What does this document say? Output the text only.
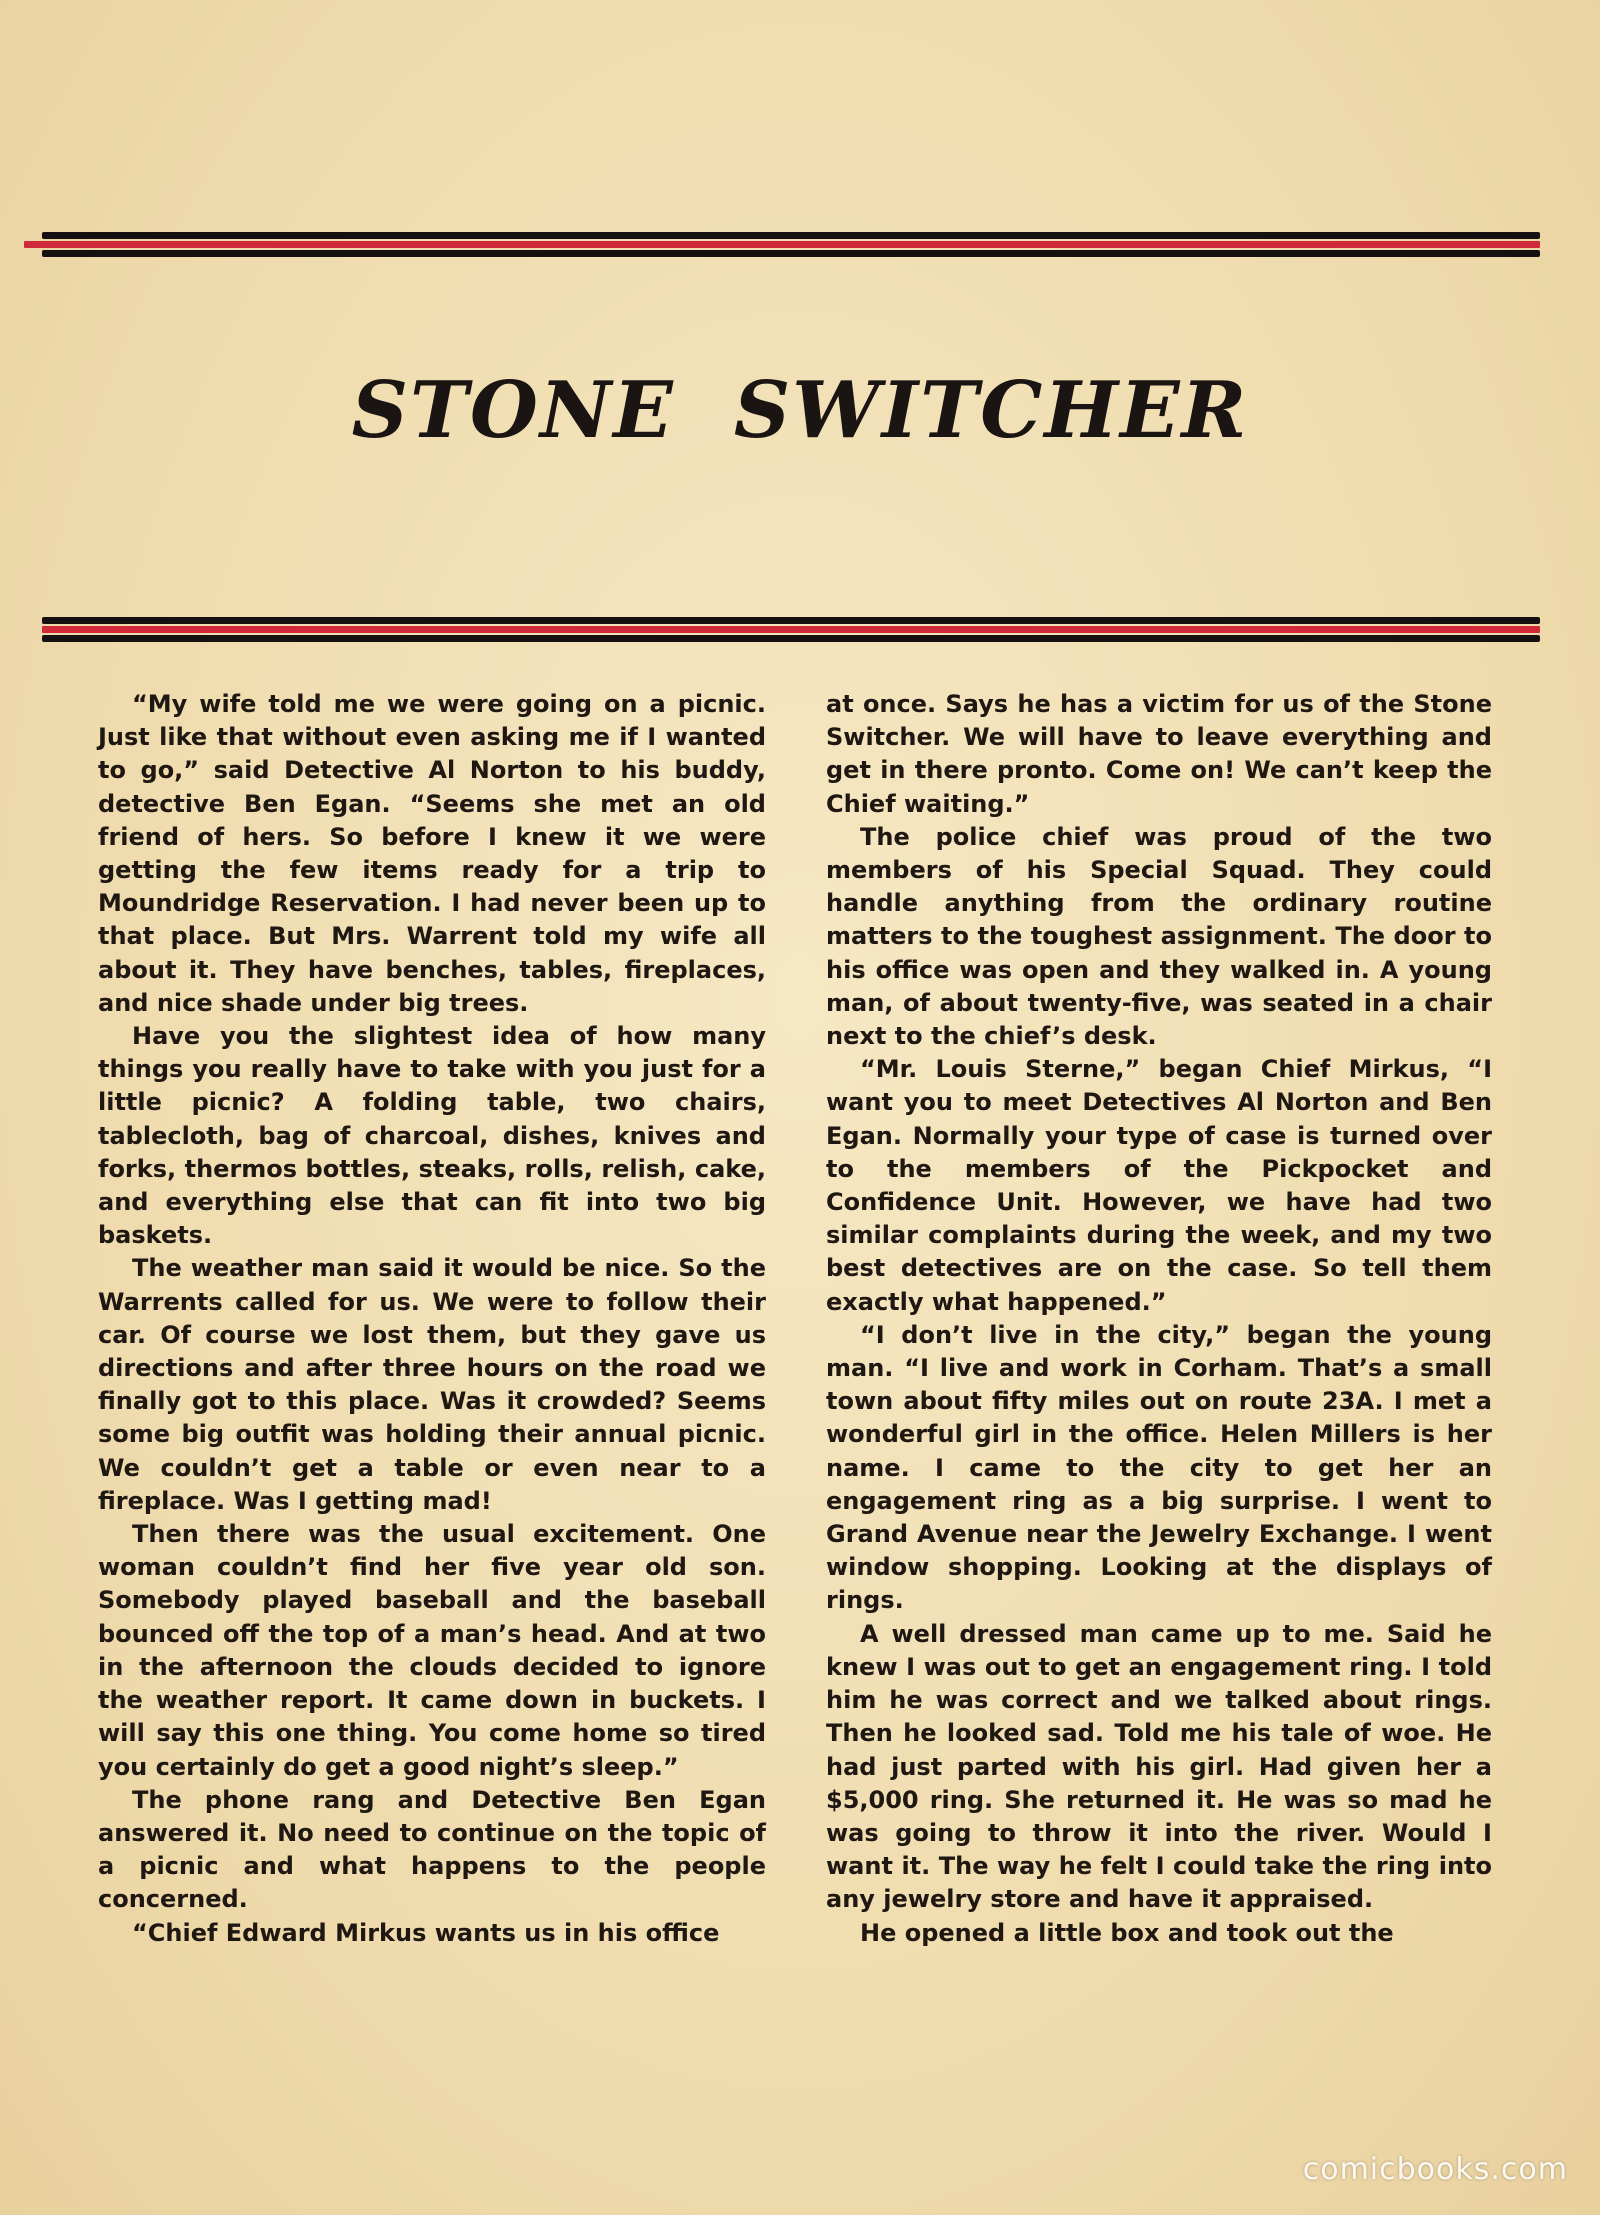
STONE SWITCHER

“My wife told me we were going on a picnic. Just like that without even asking me if I wanted to go,” said Detective Al Norton to his buddy, detective Ben Egan. “Seems she met an old friend of hers. So before I knew it we were getting the few items ready for a trip to Moundridge Reservation. I had never been up to that place. But Mrs. Warrent told my wife all about it. They have benches, tables, fireplaces, and nice shade under big trees.

Have you the slightest idea of how many things you really have to take with you just for a little picnic? A folding table, two chairs, tablecloth, bag of charcoal, dishes, knives and forks, thermos bottles, steaks, rolls, relish, cake, and everything else that can fit into two big baskets.

The weather man said it would be nice. So the Warrents called for us. We were to follow their car. Of course we lost them, but they gave us directions and after three hours on the road we finally got to this place. Was it crowded? Seems some big outfit was holding their annual picnic. We couldn’t get a table or even near to a fireplace. Was I getting mad!

Then there was the usual excitement. One woman couldn’t find her five year old son. Somebody played baseball and the baseball bounced off the top of a man’s head. And at two in the afternoon the clouds decided to ignore the weather report. It came down in buckets. I will say this one thing. You come home so tired you certainly do get a good night’s sleep.”

The phone rang and Detective Ben Egan answered it. No need to continue on the topic of a picnic and what happens to the people concerned.

“Chief Edward Mirkus wants us in his office

at once. Says he has a victim for us of the Stone Switcher. We will have to leave everything and get in there pronto. Come on! We can’t keep the Chief waiting.”

The police chief was proud of the two members of his Special Squad. They could handle anything from the ordinary routine matters to the toughest assignment. The door to his office was open and they walked in. A young man, of about twenty-five, was seated in a chair next to the chief’s desk.

“Mr. Louis Sterne,” began Chief Mirkus, “I want you to meet Detectives Al Norton and Ben Egan. Normally your type of case is turned over to the members of the Pickpocket and Confidence Unit. However, we have had two similar complaints during the week, and my two best detectives are on the case. So tell them exactly what happened.”

“I don’t live in the city,” began the young man. “I live and work in Corham. That’s a small town about fifty miles out on route 23A. I met a wonderful girl in the office. Helen Millers is her name. I came to the city to get her an engagement ring as a big surprise. I went to Grand Avenue near the Jewelry Exchange. I went window shopping. Looking at the displays of rings.

A well dressed man came up to me. Said he knew I was out to get an engagement ring. I told him he was correct and we talked about rings. Then he looked sad. Told me his tale of woe. He had just parted with his girl. Had given her a $5,000 ring. She returned it. He was so mad he was going to throw it into the river. Would I want it. The way he felt I could take the ring into any jewelry store and have it appraised.

He opened a little box and took out the

comicbooks.com
